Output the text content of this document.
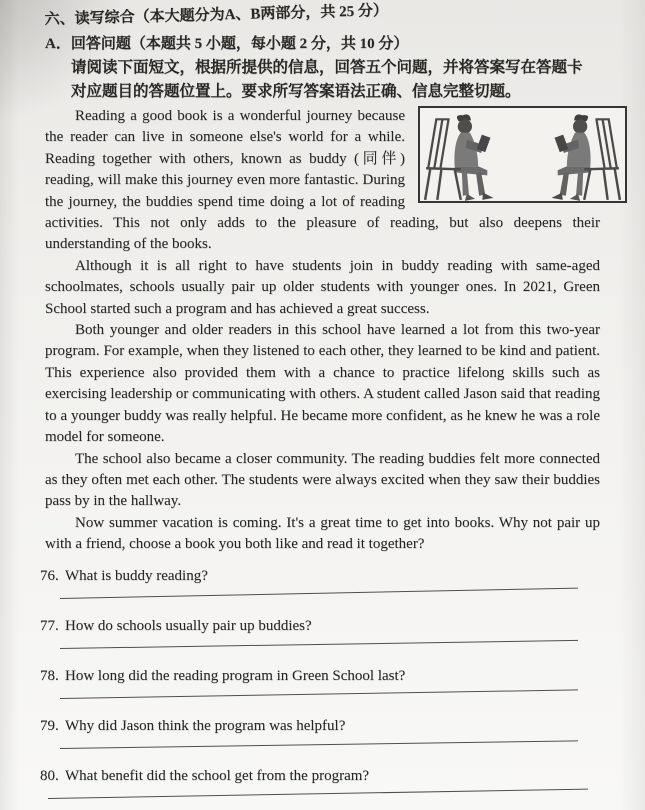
六、读写综合（本大题分为A、B两部分，共 25 分）
A．回答问题（本题共 5 小题，每小题 2 分，共 10 分）
请阅读下面短文，根据所提供的信息，回答五个问题，并将答案写在答题卡
对应题目的答题位置上。要求所写答案语法正确、信息完整切题。

Reading a good book is a wonderful journey because the reader can live in someone else's world for a while. Reading together with others, known as buddy (同伴) reading, will make this journey even more fantastic. During the journey, the buddies spend time doing a lot of reading activities. This not only adds to the pleasure of reading, but also deepens their understanding of the books.

Although it is all right to have students join in buddy reading with same-aged schoolmates, schools usually pair up older students with younger ones. In 2021, Green School started such a program and has achieved a great success.

Both younger and older readers in this school have learned a lot from this two-year program. For example, when they listened to each other, they learned to be kind and patient. This experience also provided them with a chance to practice lifelong skills such as exercising leadership or communicating with others. A student called Jason said that reading to a younger buddy was really helpful. He became more confident, as he knew he was a role model for someone.

The school also became a closer community. The reading buddies felt more connected as they often met each other. The students were always excited when they saw their buddies pass by in the hallway.

Now summer vacation is coming. It's a great time to get into books. Why not pair up with a friend, choose a book you both like and read it together?

76. What is buddy reading?
77. How do schools usually pair up buddies?
78. How long did the reading program in Green School last?
79. Why did Jason think the program was helpful?
80. What benefit did the school get from the program?
